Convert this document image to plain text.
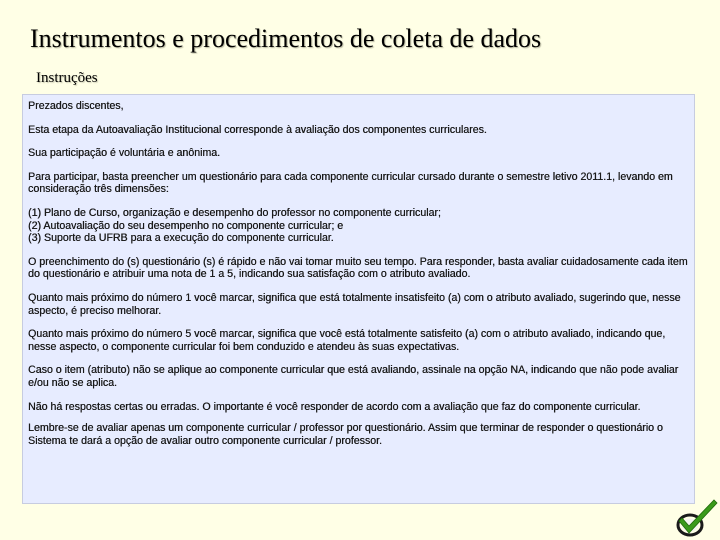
Instrumentos e procedimentos de coleta de dados
Instruções

Prezados discentes,

Esta etapa da Autoavaliação Institucional corresponde à avaliação dos componentes curriculares.

Sua participação é voluntária e anônima.

Para participar, basta preencher um questionário para cada componente curricular cursado durante o semestre letivo 2011.1, levando em
consideração três dimensões:

(1) Plano de Curso, organização e desempenho do professor no componente curricular;
(2) Autoavaliação do seu desempenho no componente curricular; e
(3) Suporte da UFRB para a execução do componente curricular.

O preenchimento do (s) questionário (s) é rápido e não vai tomar muito seu tempo. Para responder, basta avaliar cuidadosamente cada item
do questionário e atribuir uma nota de 1 a 5, indicando sua satisfação com o atributo avaliado.

Quanto mais próximo do número 1 você marcar, significa que está totalmente insatisfeito (a) com o atributo avaliado, sugerindo que, nesse
aspecto, é preciso melhorar.

Quanto mais próximo do número 5 você marcar, significa que você está totalmente satisfeito (a) com o atributo avaliado, indicando que,
nesse aspecto, o componente curricular foi bem conduzido e atendeu às suas expectativas.

Caso o item (atributo) não se aplique ao componente curricular que está avaliando, assinale na opção NA, indicando que não pode avaliar
e/ou não se aplica.

Não há respostas certas ou erradas. O importante é você responder de acordo com a avaliação que faz do componente curricular.

Lembre-se de avaliar apenas um componente curricular / professor por questionário. Assim que terminar de responder o questionário o
Sistema te dará a opção de avaliar outro componente curricular / professor.
